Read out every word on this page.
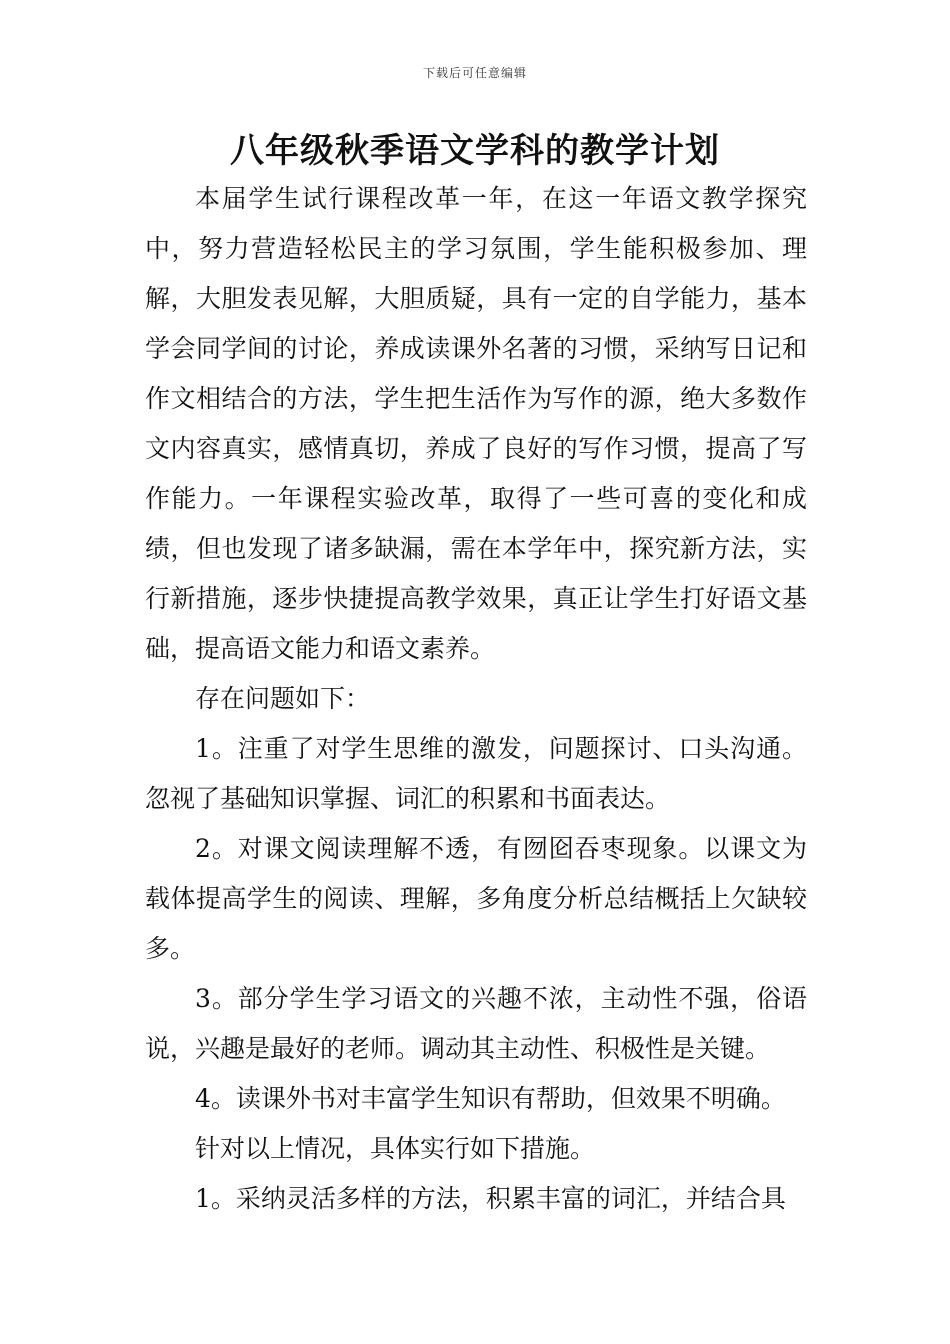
下载后可任意编辑
八年级秋季语文学科的教学计划

本届学生试行课程改革一年，在这一年语文教学探究中，努力营造轻松民主的学习氛围，学生能积极参加、理解，大胆发表见解，大胆质疑，具有一定的自学能力，基本学会同学间的讨论，养成读课外名著的习惯，采纳写日记和作文相结合的方法，学生把生活作为写作的源，绝大多数作文内容真实，感情真切，养成了良好的写作习惯，提高了写作能力。一年课程实验改革，取得了一些可喜的变化和成绩，但也发现了诸多缺漏，需在本学年中，探究新方法，实行新措施，逐步快捷提高教学效果，真正让学生打好语文基础，提高语文能力和语文素养。

存在问题如下：

1。注重了对学生思维的激发，问题探讨、口头沟通。忽视了基础知识掌握、词汇的积累和书面表达。

2。对课文阅读理解不透，有囫囵吞枣现象。以课文为载体提高学生的阅读、理解，多角度分析总结概括上欠缺较多。

3。部分学生学习语文的兴趣不浓，主动性不强，俗语说，兴趣是最好的老师。调动其主动性、积极性是关键。

4。读课外书对丰富学生知识有帮助，但效果不明确。

针对以上情况，具体实行如下措施。

1。采纳灵活多样的方法，积累丰富的词汇，并结合具
